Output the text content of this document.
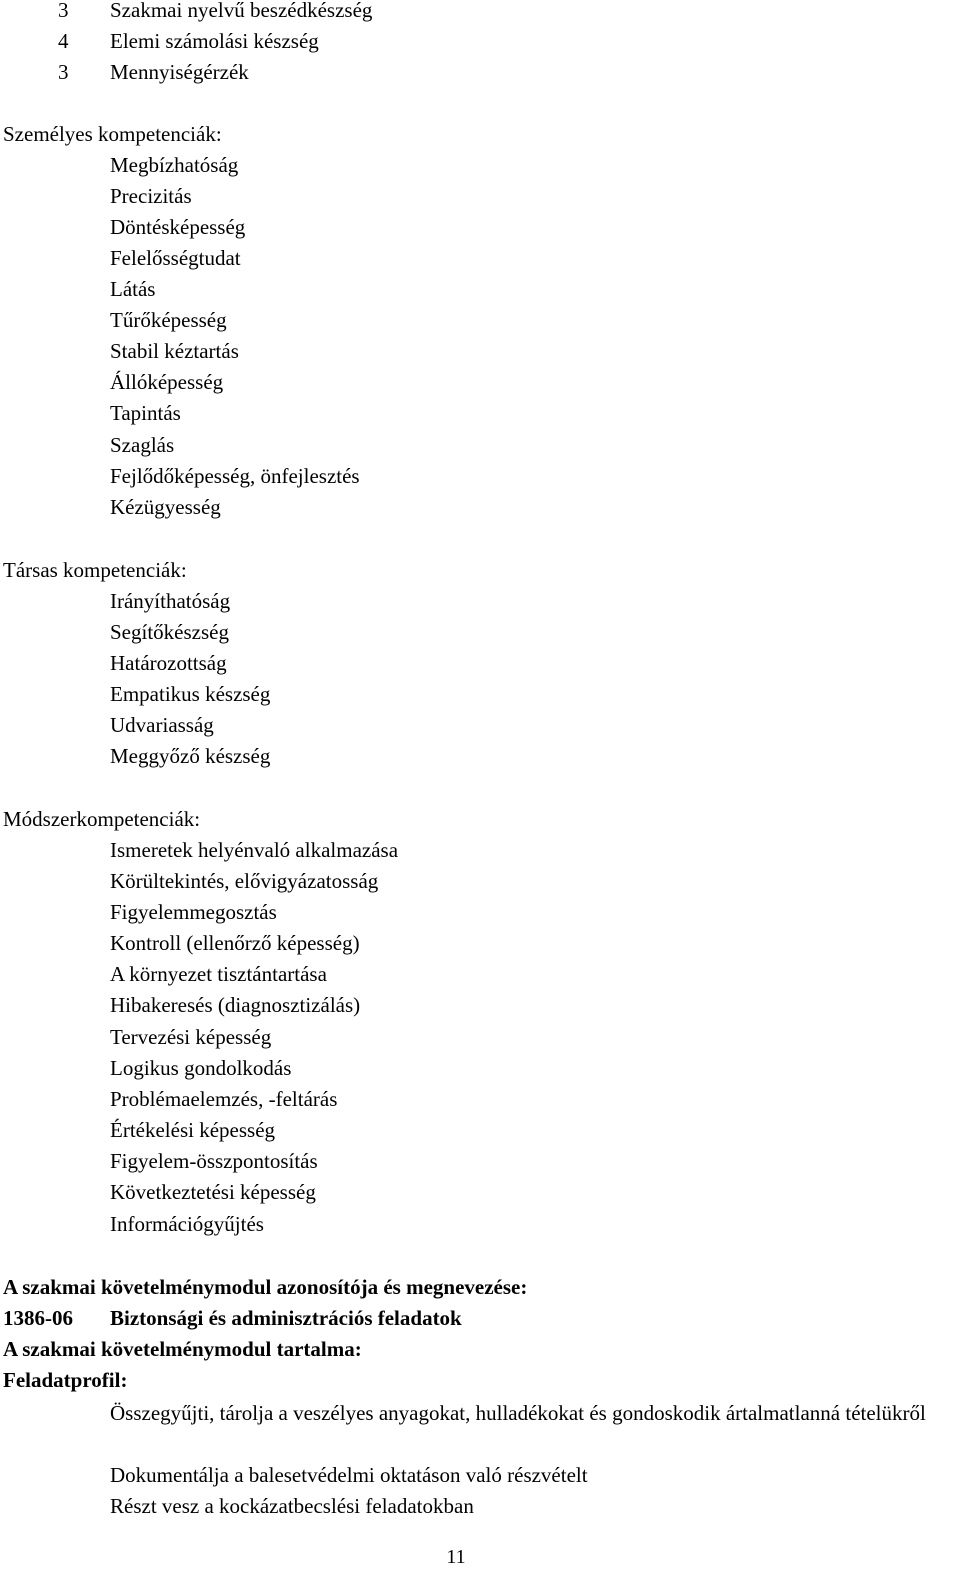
3 Szakmai nyelvű beszédkészség
4 Elemi számolási készség
3 Mennyiségérzék
Személyes kompetenciák:
Megbízhatóság
Precizitás
Döntésképesség
Felelősségtudat
Látás
Tűrőképesség
Stabil kéztartás
Állóképesség
Tapintás
Szaglás
Fejlődőképesség, önfejlesztés
Kézügyesség
Társas kompetenciák:
Irányíthatóság
Segítőkészség
Határozottság
Empatikus készség
Udvariasság
Meggyőző készség
Módszerkompetenciák:
Ismeretek helyénvaló alkalmazása
Körültekintés, elővigyázatosság
Figyelemmegosztás
Kontroll (ellenőrző képesség)
A környezet tisztántartása
Hibakeresés (diagnosztizálás)
Tervezési képesség
Logikus gondolkodás
Problémaelemzés, -feltárás
Értékelési képesség
Figyelem-összpontosítás
Következtetési képesség
Információgyűjtés
A szakmai követelménymodul azonosítója és megnevezése:
1386-06 Biztonsági és adminisztrációs feladatok
A szakmai követelménymodul tartalma:
Feladatprofil:
Összegyűjti, tárolja a veszélyes anyagokat, hulladékokat és gondoskodik ártalmatlanná tételükről
Dokumentálja a balesetvédelmi oktatáson való részvételt
Részt vesz a kockázatbecslési feladatokban
11
